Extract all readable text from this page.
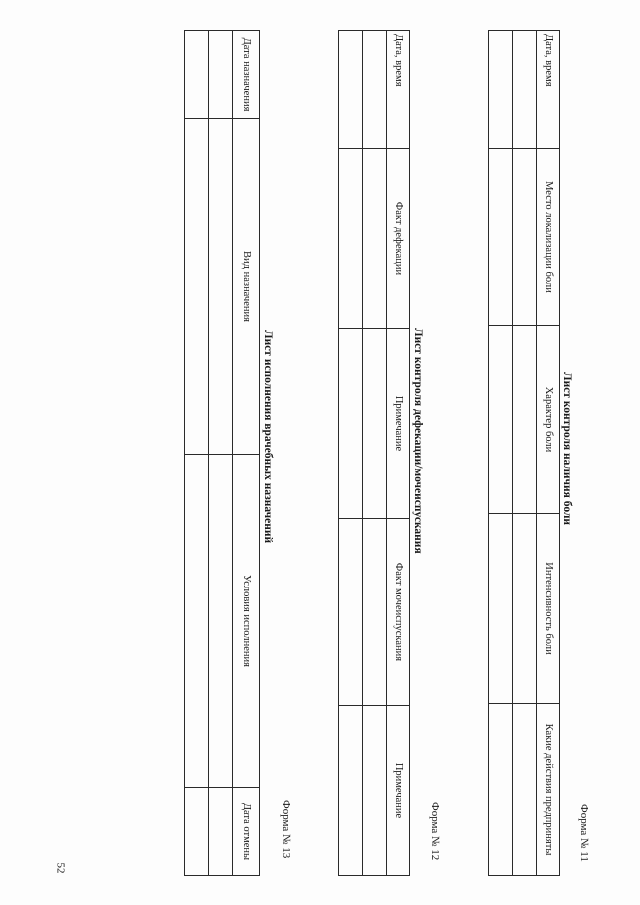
Форма № 11
Лист контроля наличия боли
Дата, время	Место локализации боли	Характер боли	Интенсивность боли	Какие действия предприняты

Форма № 12
Лист контроля дефекации/мочеиспускания
Дата, время	Факт дефекации	Примечание	Факт мочеиспускания	Примечание

Форма № 13
Лист исполнения врачебных назначений
Дата назначения	Вид назначения	Условия исполнения	Дата отмены

52
